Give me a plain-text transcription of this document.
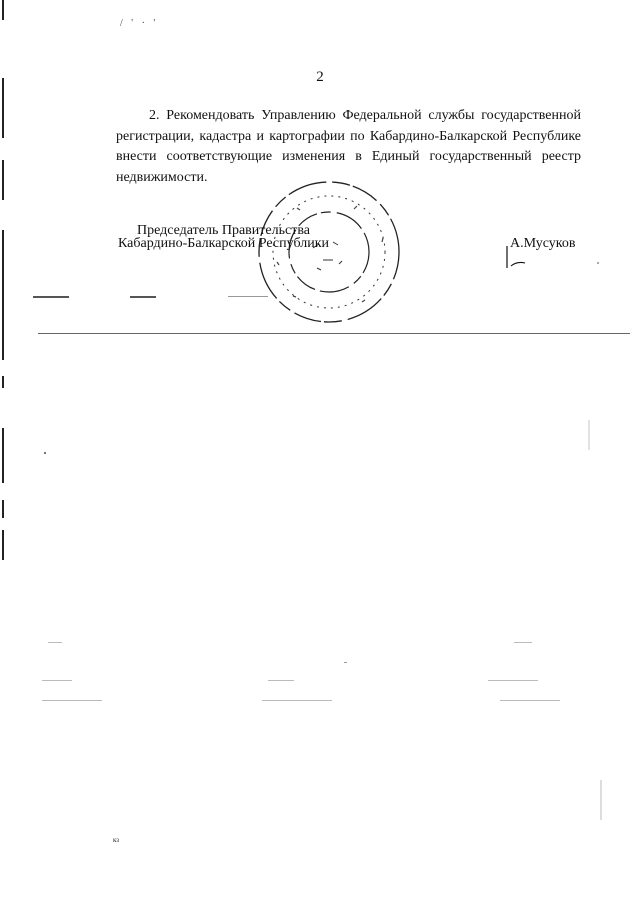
/ ' · '
2

2. Рекомендовать Управлению Федеральной службы государственной регистрации, кадастра и картографии по Кабардино-Балкарской Республике внести соответствующие изменения в Единый государственный реестр недвижимости.

Председатель Правительства
Кабардино-Балкарской Республики	А.Мусуков
кз
